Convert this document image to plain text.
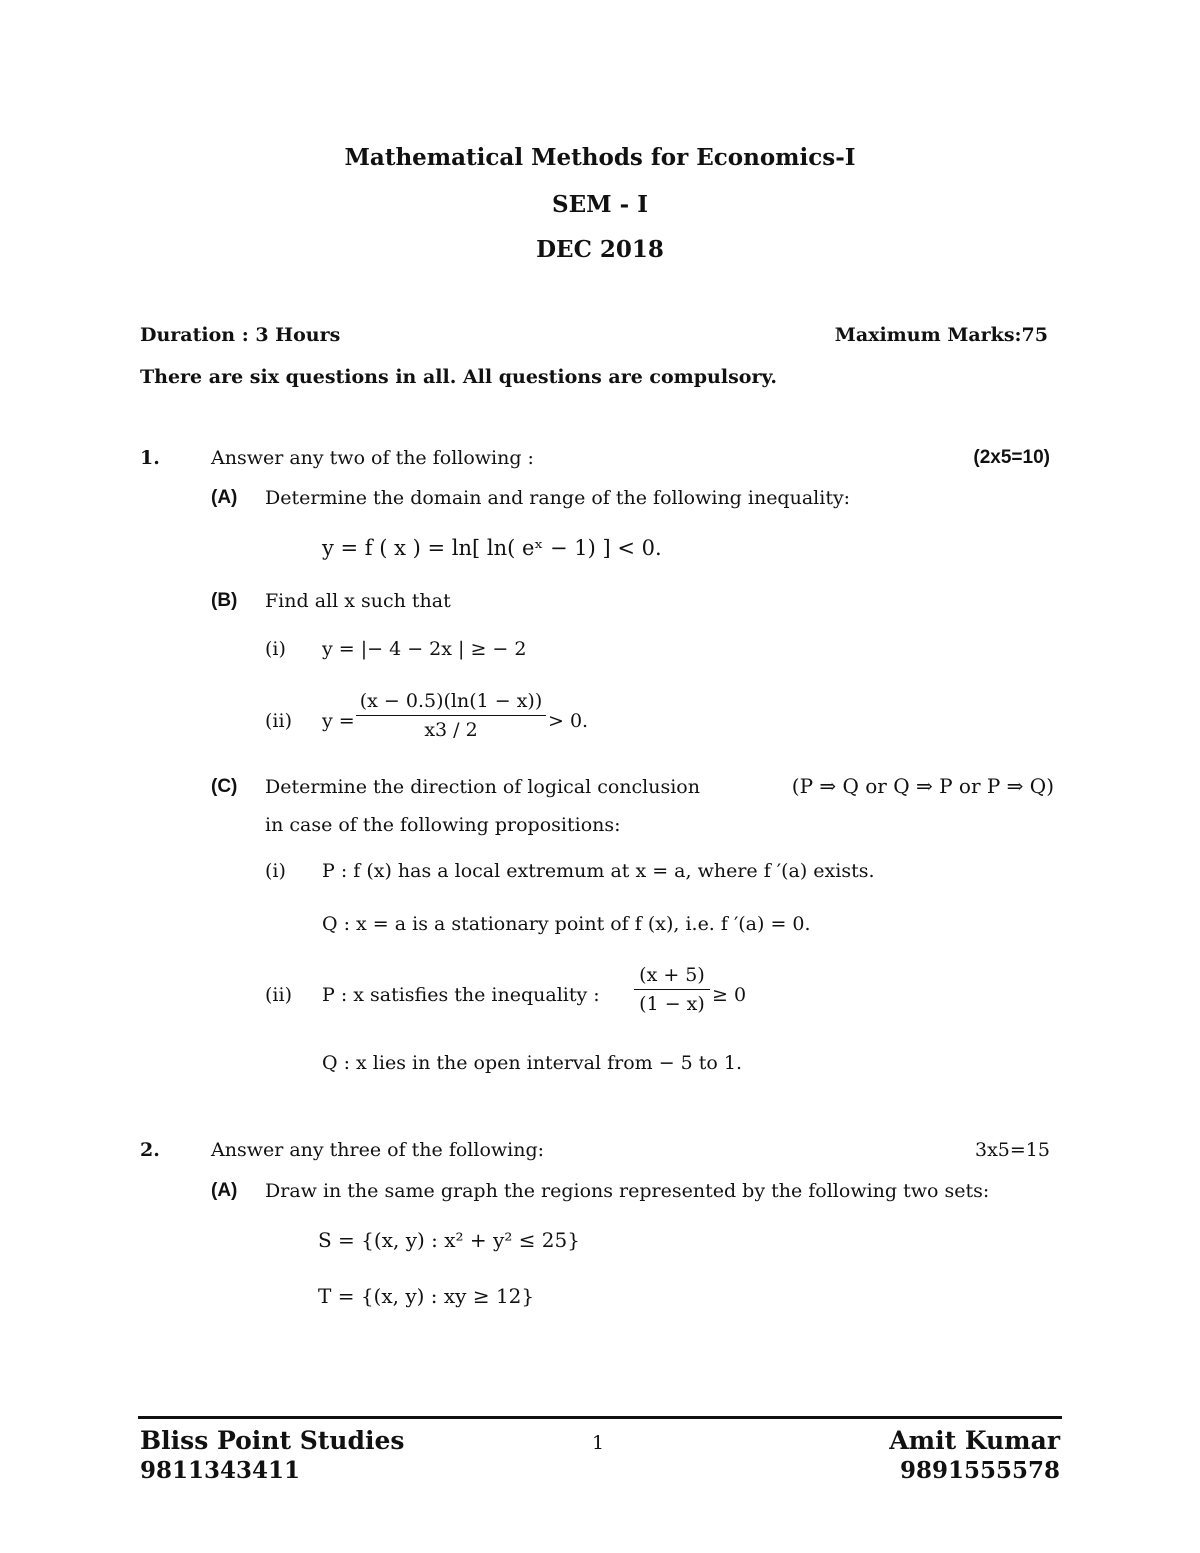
Mathematical Methods for Economics-I
SEM - I
DEC 2018
Duration : 3 Hours	Maximum Marks:75
There are six questions in all. All questions are compulsory.
1.	Answer any two of the following :	(2x5=10)
(A) Determine the domain and range of the following inequality:
y = f ( x ) = ln[ ln( eˣ − 1) ] < 0.
(B) Find all x such that
(i) y = |− 4 − 2x | ≥ − 2
(ii) y =
(x − 0.5)(ln(1 − x))
x3 / 2	> 0.
(C) Determine the direction of logical conclusion	(P ⇒ Q or Q ⇒ P or P ⇒ Q)
in case of the following propositions:
(i) P : f (x) has a local extremum at x = a, where f ′(a) exists.
Q : x = a is a stationary point of f (x), i.e. f ′(a) = 0.
(ii) P : x satisfies the inequality :
(x + 5)
(1 − x) ≥ 0
Q : x lies in the open interval from − 5 to 1.
2.	Answer any three of the following:	3x5=15
(A) Draw in the same graph the regions represented by the following two sets:
S = {(x, y) : x² + y² ≤ 25}
T = {(x, y) : xy ≥ 12}
Bliss Point Studies
9811343411
1	Amit Kumar
9891555578
